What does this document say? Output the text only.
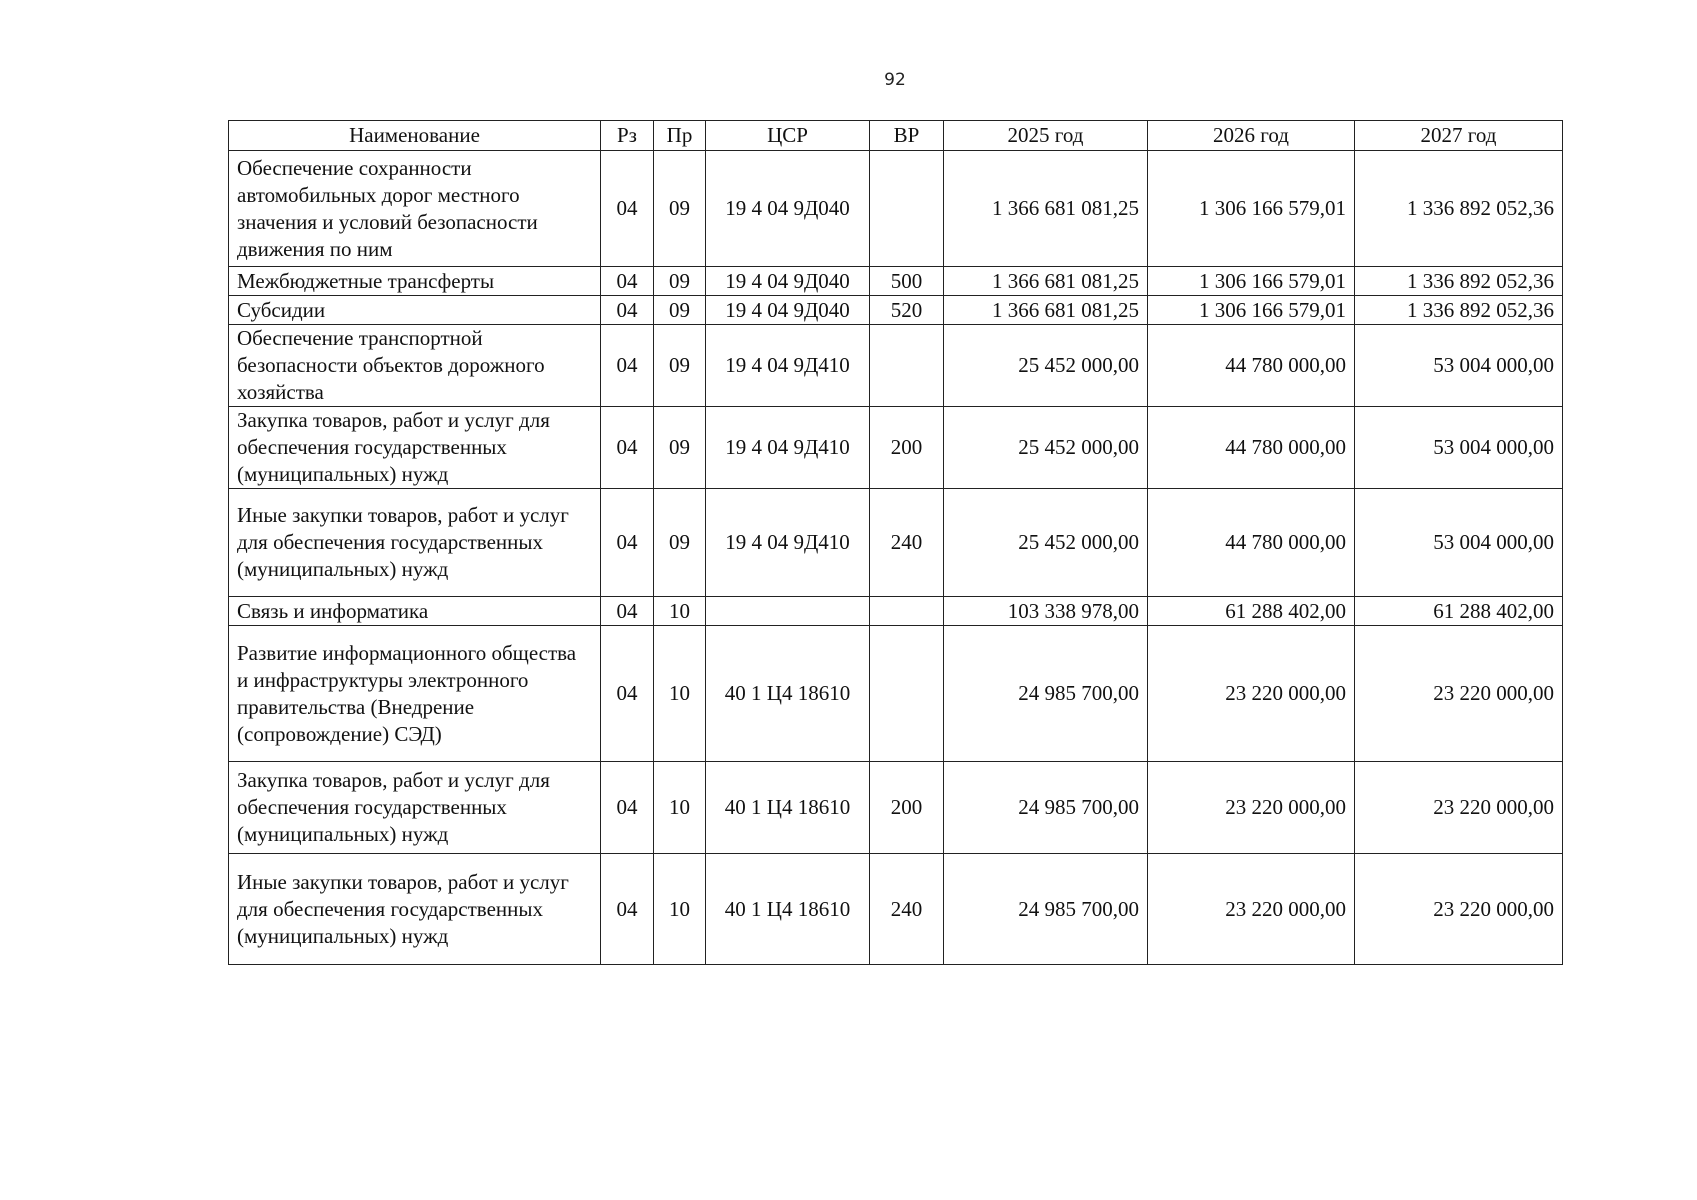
92
Наименование	Рз	Пр	ЦСР	ВР	2025 год	2026 год	2027 год
Обеспечение сохранности автомобильных дорог местного значения и условий безопасности движения по ним	04	09	19 4 04 9Д040		1 366 681 081,25	1 306 166 579,01	1 336 892 052,36
Межбюджетные трансферты	04	09	19 4 04 9Д040	500	1 366 681 081,25	1 306 166 579,01	1 336 892 052,36
Субсидии	04	09	19 4 04 9Д040	520	1 366 681 081,25	1 306 166 579,01	1 336 892 052,36
Обеспечение транспортной безопасности объектов дорожного хозяйства	04	09	19 4 04 9Д410		25 452 000,00	44 780 000,00	53 004 000,00
Закупка товаров, работ и услуг для обеспечения государственных (муниципальных) нужд	04	09	19 4 04 9Д410	200	25 452 000,00	44 780 000,00	53 004 000,00
Иные закупки товаров, работ и услуг для обеспечения государственных (муниципальных) нужд	04	09	19 4 04 9Д410	240	25 452 000,00	44 780 000,00	53 004 000,00
Связь и информатика	04	10			103 338 978,00	61 288 402,00	61 288 402,00
Развитие информационного общества и инфраструктуры электронного правительства (Внедрение (сопровождение) СЭД)	04	10	40 1 Ц4 18610		24 985 700,00	23 220 000,00	23 220 000,00
Закупка товаров, работ и услуг для обеспечения государственных (муниципальных) нужд	04	10	40 1 Ц4 18610	200	24 985 700,00	23 220 000,00	23 220 000,00
Иные закупки товаров, работ и услуг для обеспечения государственных (муниципальных) нужд	04	10	40 1 Ц4 18610	240	24 985 700,00	23 220 000,00	23 220 000,00
